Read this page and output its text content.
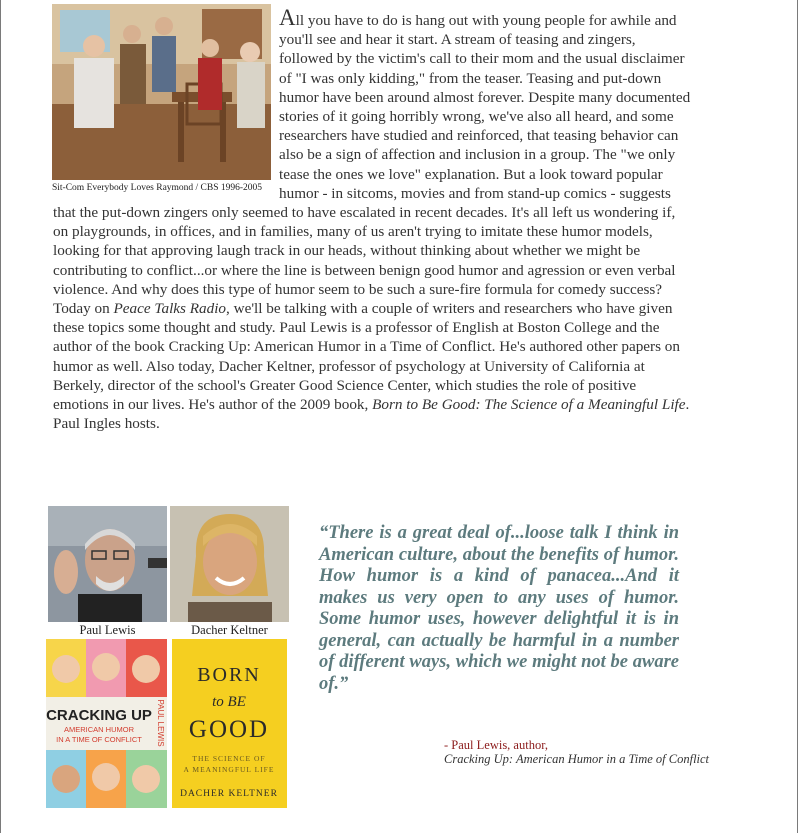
Sit-Com Everybody Loves Raymond / CBS 1996-2005

All you have to do is hang out with young people for awhile and you'll see and hear it start. A stream of teasing and zingers, followed by the victim's call to their mom and the usual disclaimer of "I was only kidding," from the teaser. Teasing and put-down humor have been around almost forever. Despite many documented stories of it going horribly wrong, we've also all heard, and some researchers have studied and reinforced, that teasing behavior can also be a sign of affection and inclusion in a group. The "we only tease the ones we love" explanation. But a look toward popular humor - in sitcoms, movies and from stand-up comics - suggests that the put-down zingers only seemed to have escalated in recent decades. It's all left us wondering if, on playgrounds, in offices, and in families, many of us aren't trying to imitate these humor models, looking for that approving laugh track in our heads, without thinking about whether we might be contributing to conflict...or where the line is between benign good humor and agression or even verbal violence. And why does this type of humor seem to be such a sure-fire formula for comedy success?

Today on Peace Talks Radio, we'll be talking with a couple of writers and researchers who have given these topics some thought and study. Paul Lewis is a professor of English at Boston College and the author of the book Cracking Up: American Humor in a Time of Conflict. He's authored other papers on humor as well. Also today, Dacher Keltner, professor of psychology at University of California at Berkely, director of the school's Greater Good Science Center, which studies the role of positive emotions in our lives. He's author of the 2009 book, Born to Be Good: The Science of a Meaningful Life. Paul Ingles hosts.

Paul Lewis	Dacher Keltner
CRACKING UP
AMERICAN HUMOR
IN A TIME OF CONFLICT PAUL LEWIS
BORN
to BE
GOOD
THE SCIENCE OF
A MEANINGFUL LIFE
DACHER KELTNER

“There is a great deal of...loose talk I think in American culture, about the benefits of humor. How humor is a kind of panacea...And it makes us very open to any uses of humor. Some humor uses, however delightful it is in general, can actually be harmful in a number of different ways, which we might not be aware of.”

- Paul Lewis, author,
Cracking Up: American Humor in a Time of Conflict
